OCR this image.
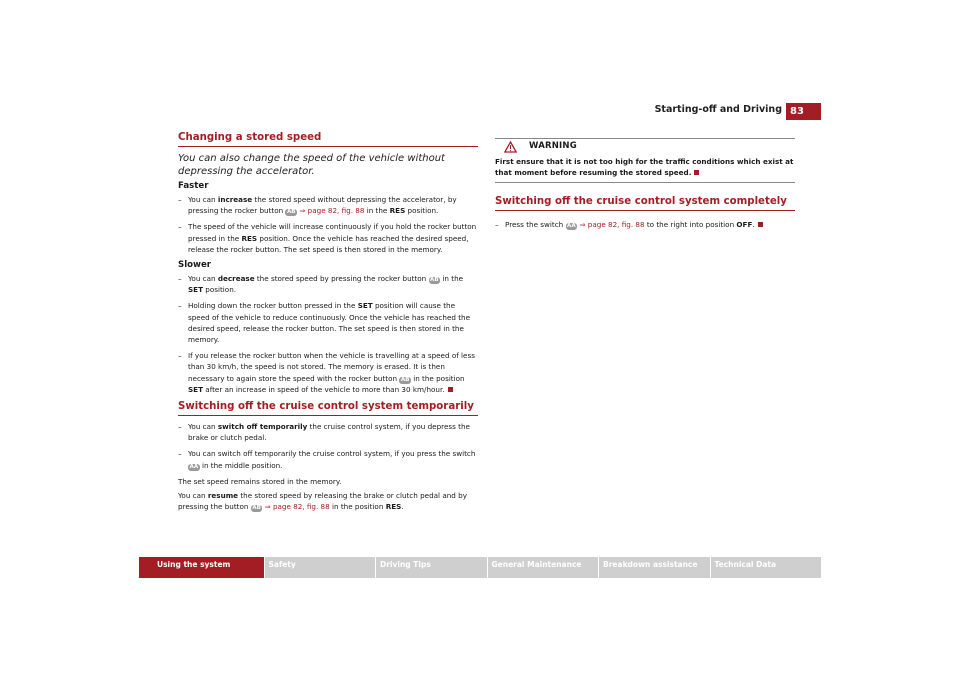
Starting-off and Driving 83
Changing a stored speed
You can also change the speed of the vehicle without depressing the accelerator.
Faster
– You can increase the stored speed without depressing the accelerator, by pressing the rocker button AB ⇒ page 82, fig. 88 in the RES position.
– The speed of the vehicle will increase continuously if you hold the rocker button pressed in the RES position. Once the vehicle has reached the desired speed, release the rocker button. The set speed is then stored in the memory.
Slower
– You can decrease the stored speed by pressing the rocker button AB in the SET position.
– Holding down the rocker button pressed in the SET position will cause the speed of the vehicle to reduce continuously. Once the vehicle has reached the desired speed, release the rocker button. The set speed is then stored in the memory.
– If you release the rocker button when the vehicle is travelling at a speed of less than 30 km/h, the speed is not stored. The memory is erased. It is then necessary to again store the speed with the rocker button AB in the position SET after an increase in speed of the vehicle to more than 30 km/hour.
Switching off the cruise control system temporarily
– You can switch off temporarily the cruise control system, if you depress the brake or clutch pedal.
– You can switch off temporarily the cruise control system, if you press the switch AA in the middle position.
The set speed remains stored in the memory.
You can resume the stored speed by releasing the brake or clutch pedal and by pressing the button AB ⇒ page 82, fig. 88 in the position RES.
WARNING
First ensure that it is not too high for the traffic conditions which exist at that moment before resuming the stored speed.
Switching off the cruise control system completely
– Press the switch AA ⇒ page 82, fig. 88 to the right into position OFF.
Using the system	Safety	Driving Tips	General Maintenance	Breakdown assistance	Technical Data
